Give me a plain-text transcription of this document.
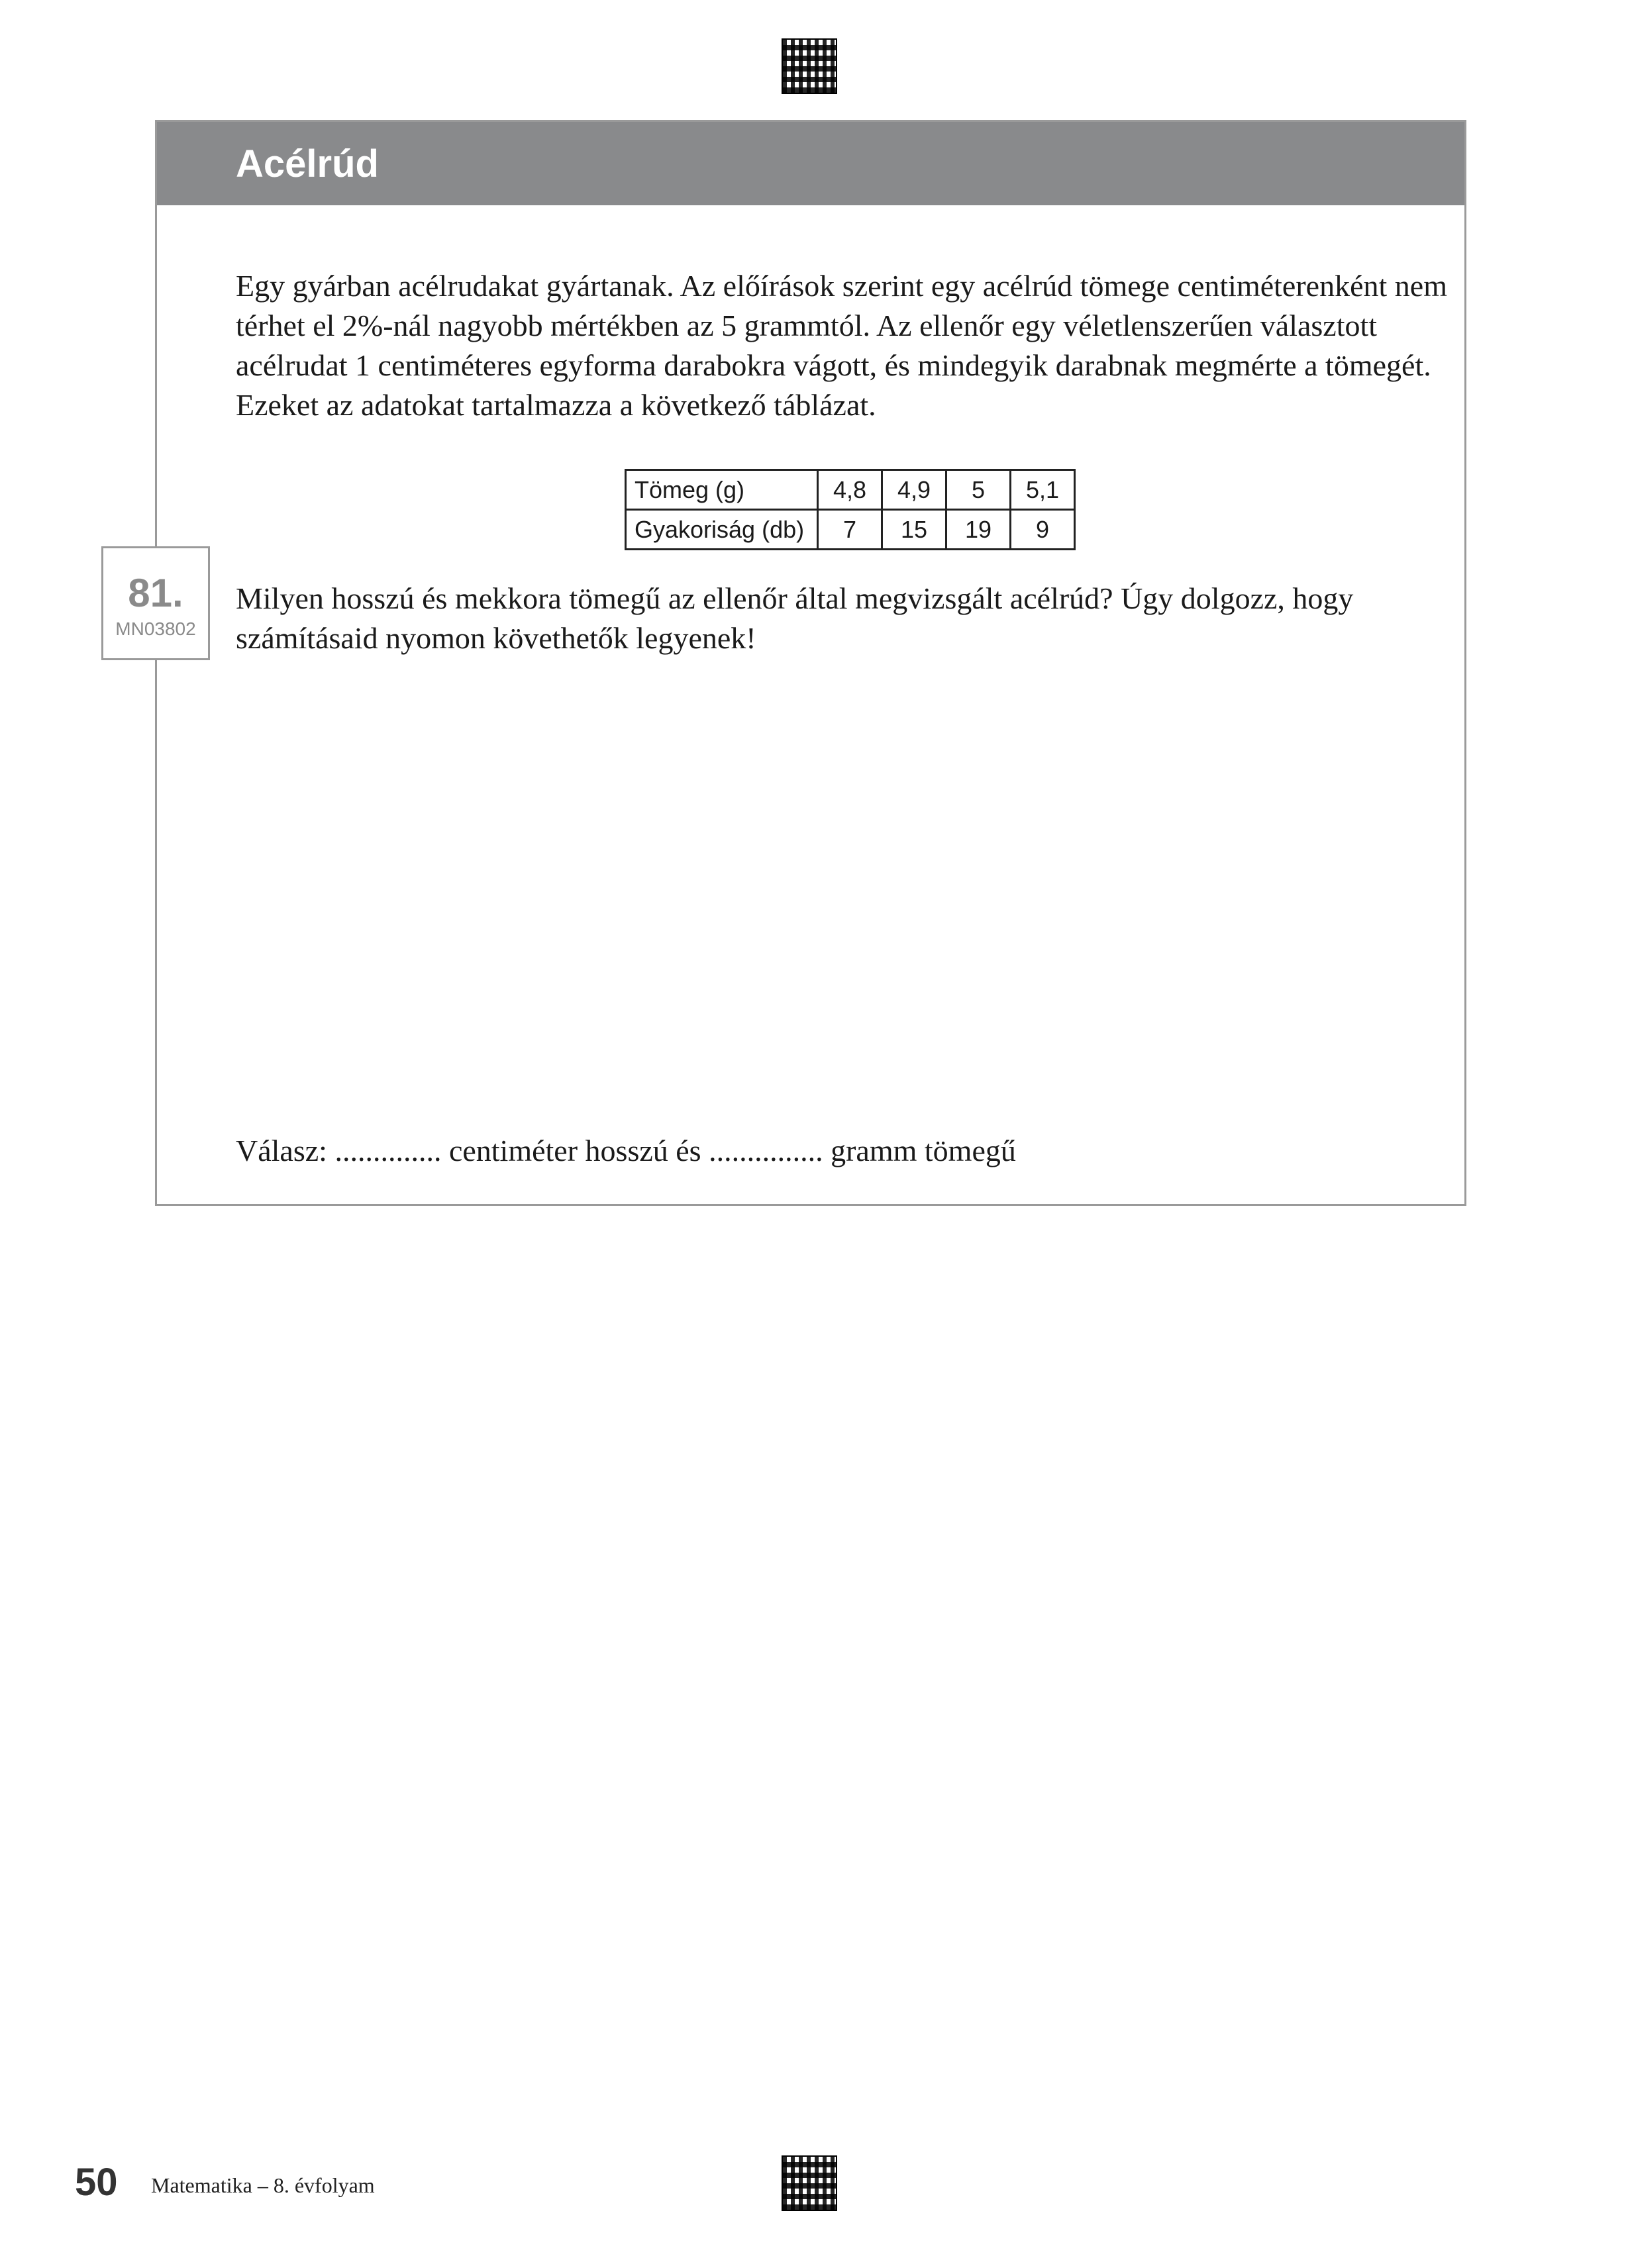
Acélrúd

Egy gyárban acélrudakat gyártanak. Az előírások szerint egy acélrúd tömege centiméterenként nem térhet el 2%-nál nagyobb mértékben az 5 grammtól. Az ellenőr egy véletlenszerűen választott acélrudat 1 centiméteres egyforma darabokra vágott, és mindegyik darabnak megmérte a tömegét. Ezeket az adatokat tartalmazza a következő táblázat.

Tömeg (g)	4,8	4,9	5	5,1
Gyakoriság (db)	7	15	19	9

Milyen hosszú és mekkora tömegű az ellenőr által megvizsgált acélrúd? Úgy dolgozz, hogy számításaid nyomon követhetők legyenek!

Válasz: .............. centiméter hosszú és ............... gramm tömegű
81.
MN03802
50 Matematika – 8. évfolyam
